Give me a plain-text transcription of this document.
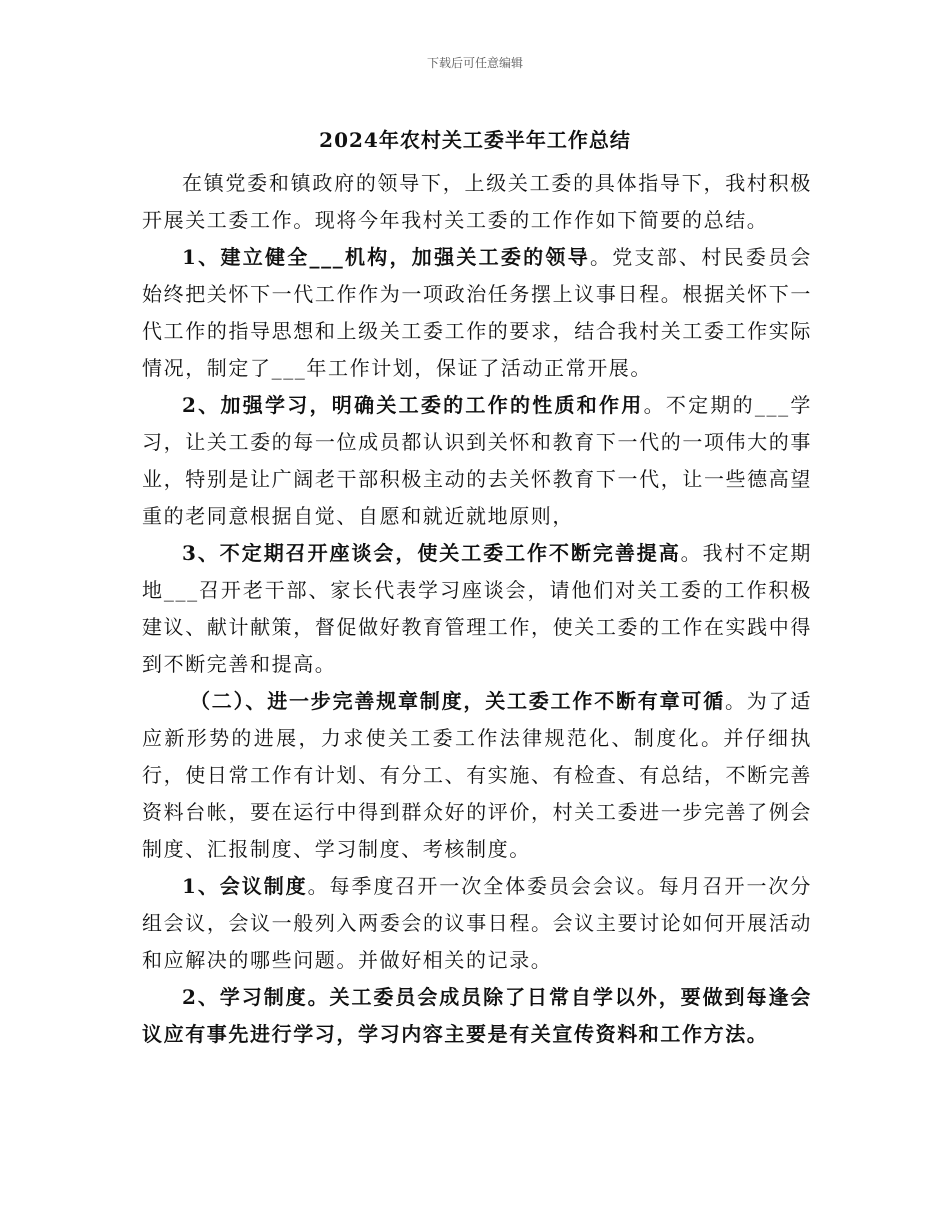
下载后可任意编辑
2024年农村关工委半年工作总结

在镇党委和镇政府的领导下，上级关工委的具体指导下，我村积极开展关工委工作。现将今年我村关工委的工作作如下简要的总结。

1、建立健全___机构，加强关工委的领导。党支部、村民委员会始终把关怀下一代工作作为一项政治任务摆上议事日程。根据关怀下一代工作的指导思想和上级关工委工作的要求，结合我村关工委工作实际情况，制定了___年工作计划，保证了活动正常开展。

2、加强学习，明确关工委的工作的性质和作用。不定期的___学习，让关工委的每一位成员都认识到关怀和教育下一代的一项伟大的事业，特别是让广阔老干部积极主动的去关怀教育下一代，让一些德高望重的老同意根据自觉、自愿和就近就地原则，

3、不定期召开座谈会，使关工委工作不断完善提高。我村不定期地___召开老干部、家长代表学习座谈会，请他们对关工委的工作积极建议、献计献策，督促做好教育管理工作，使关工委的工作在实践中得到不断完善和提高。

（二）、进一步完善规章制度，关工委工作不断有章可循。为了适应新形势的进展，力求使关工委工作法律规范化、制度化。并仔细执行，使日常工作有计划、有分工、有实施、有检查、有总结，不断完善资料台帐，要在运行中得到群众好的评价，村关工委进一步完善了例会制度、汇报制度、学习制度、考核制度。

1、会议制度。每季度召开一次全体委员会会议。每月召开一次分组会议，会议一般列入两委会的议事日程。会议主要讨论如何开展活动和应解决的哪些问题。并做好相关的记录。

2、学习制度。关工委员会成员除了日常自学以外，要做到每逢会议应有事先进行学习，学习内容主要是有关宣传资料和工作方法。
